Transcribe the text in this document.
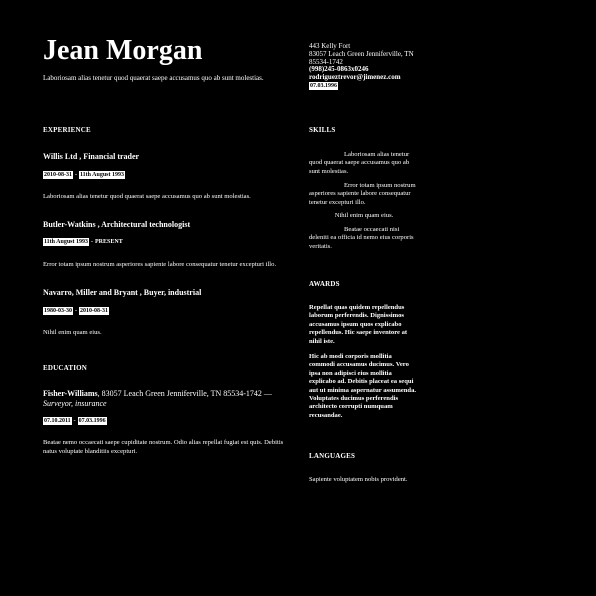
Jean Morgan
Laboriosam alias tenetur quod quaerat saepe accusamus quo ab sunt molestias.
443 Kelly Fort
83057 Leach Green Jenniferville, TN
85534-1742
(998)245-0863x0246
rodrigueztrevor@jimenez.com
07.03.1996
EXPERIENCE
Willis Ltd , Financial trader
2010-08-31 - 11th August 1993
Laboriosam alias tenetur quod quaerat saepe accusamus quo ab sunt molestias.
Butler-Watkins , Architectural technologist
11th August 1993 - PRESENT
Error totam ipsum nostrum asperiores sapiente labore consequatur tenetur excepturi illo.
Navarro, Miller and Bryant , Buyer, industrial
1980-03-30 - 2010-08-31
Nihil enim quam eius.
EDUCATION
Fisher-Williams, 83057 Leach Green Jenniferville, TN 85534-1742 —
Surveyor, insurance
07.10.2011 - 07.03.1996
Beatae nemo occaecati saepe cupiditate nostrum. Odio alias repellat fugiat est quis. Debitis natus voluptate blanditiis excepturi.
SKILLS
Laboriosam alias tenetur quod quaerat saepe accusamus quo ab sunt molestias.
Error totam ipsum nostrum asperiores sapiente labore consequatur tenetur excepturi illo.
Nihil enim quam eius.
Beatae occaecati nisi deleniti ea officia id nemo eius corporis veritatis.
AWARDS
Repellat quas quidem repellendus laborum perferendis. Dignissimos accusamus ipsum quos explicabo repellendus. Hic saepe inventore at nihil iste.
Hic ab modi corporis mollitia commodi accusamus ducimus. Vero ipsa non adipisci eius mollitia explicabo ad. Debitis placeat ea sequi aut ut minima aspernatur assumenda. Voluptates ducimus perferendis architecto corrupti numquam recusandae.
LANGUAGES
Sapiente voluptatem nobis provident.
